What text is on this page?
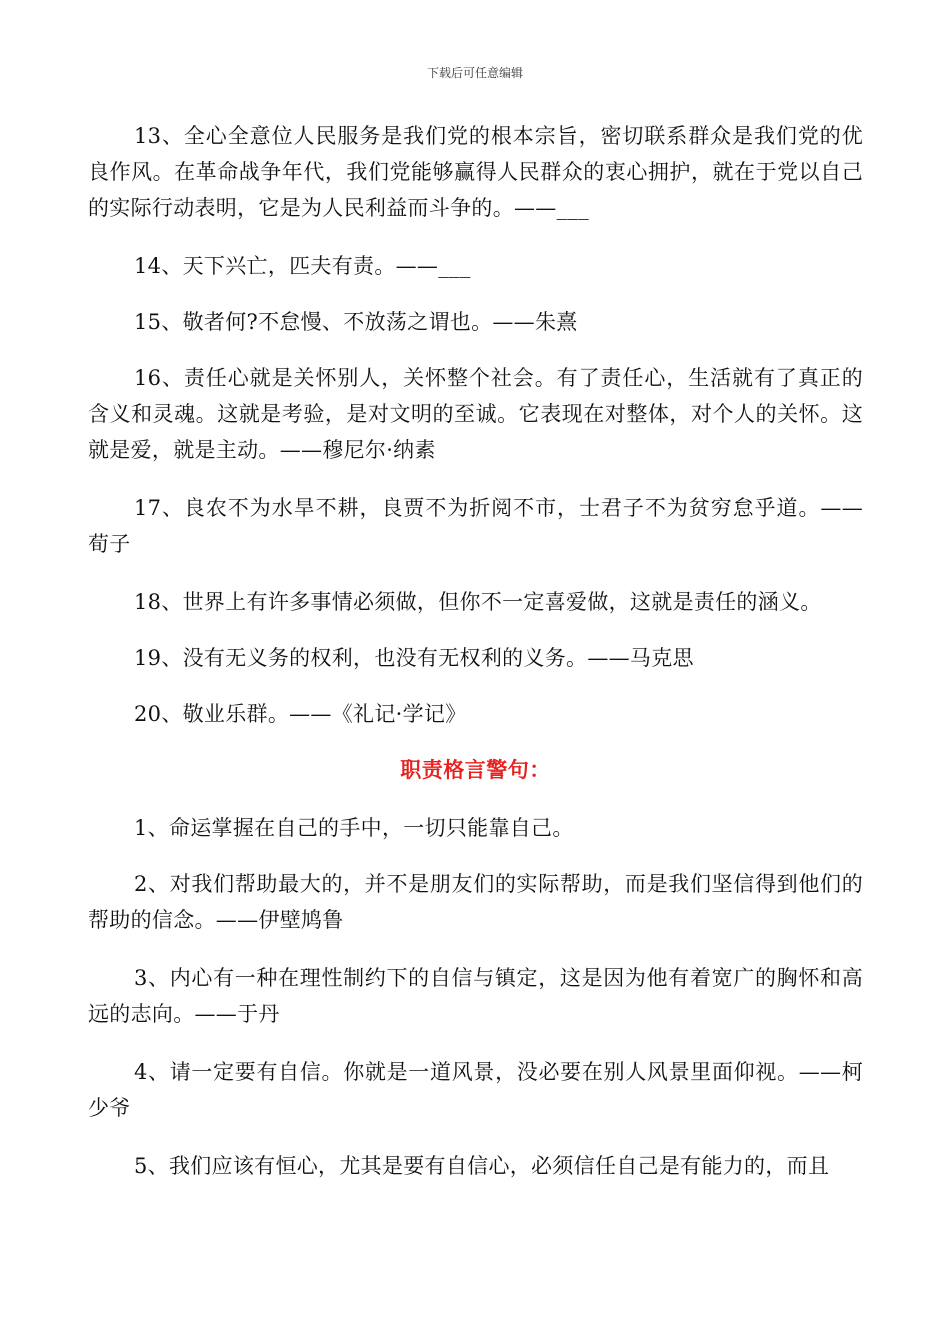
下载后可任意编辑

13、全心全意位人民服务是我们党的根本宗旨，密切联系群众是我们党的优良作风。在革命战争年代，我们党能够赢得人民群众的衷心拥护，就在于党以自己的实际行动表明，它是为人民利益而斗争的。——___

14、天下兴亡，匹夫有责。——___

15、敬者何?不怠慢、不放荡之谓也。——朱熹

16、责任心就是关怀别人，关怀整个社会。有了责任心，生活就有了真正的含义和灵魂。这就是考验，是对文明的至诚。它表现在对整体，对个人的关怀。这就是爱，就是主动。——穆尼尔·纳素

17、良农不为水旱不耕，良贾不为折阅不市，士君子不为贫穷怠乎道。——荀子

18、世界上有许多事情必须做，但你不一定喜爱做，这就是责任的涵义。

19、没有无义务的权利，也没有无权利的义务。——马克思

20、敬业乐群。——《礼记·学记》

职责格言警句：

1、命运掌握在自己的手中，一切只能靠自己。

2、对我们帮助最大的，并不是朋友们的实际帮助，而是我们坚信得到他们的帮助的信念。——伊壁鸠鲁

3、内心有一种在理性制约下的自信与镇定，这是因为他有着宽广的胸怀和高远的志向。——于丹

4、请一定要有自信。你就是一道风景，没必要在别人风景里面仰视。——柯少爷

5、我们应该有恒心，尤其是要有自信心，必须信任自己是有能力的，而且
